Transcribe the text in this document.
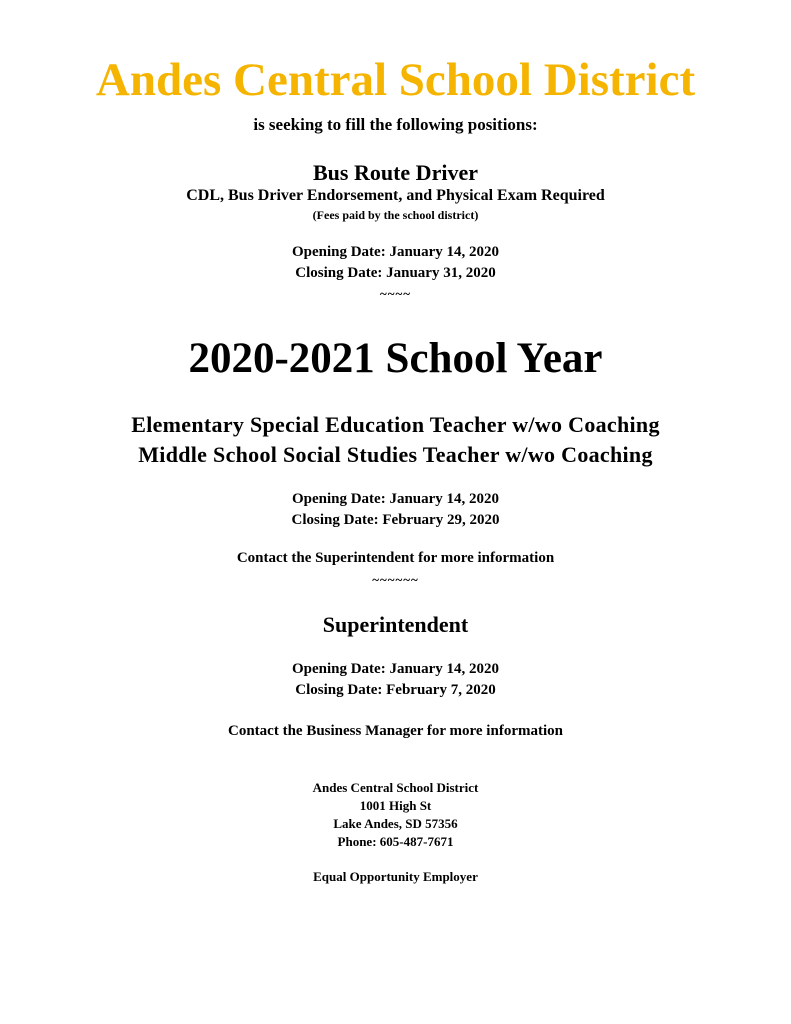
Andes Central School District
is seeking to fill the following positions:
Bus Route Driver
CDL, Bus Driver Endorsement, and Physical Exam Required
(Fees paid by the school district)
Opening Date: January 14, 2020
Closing Date: January 31, 2020
~~~~
2020-2021 School Year
Elementary Special Education Teacher w/wo Coaching
Middle School Social Studies Teacher w/wo Coaching
Opening Date: January 14, 2020
Closing Date: February 29, 2020
Contact the Superintendent for more information
~~~~~~
Superintendent
Opening Date: January 14, 2020
Closing Date: February 7, 2020
Contact the Business Manager for more information
Andes Central School District
1001 High St
Lake Andes, SD 57356
Phone: 605-487-7671
Equal Opportunity Employer
